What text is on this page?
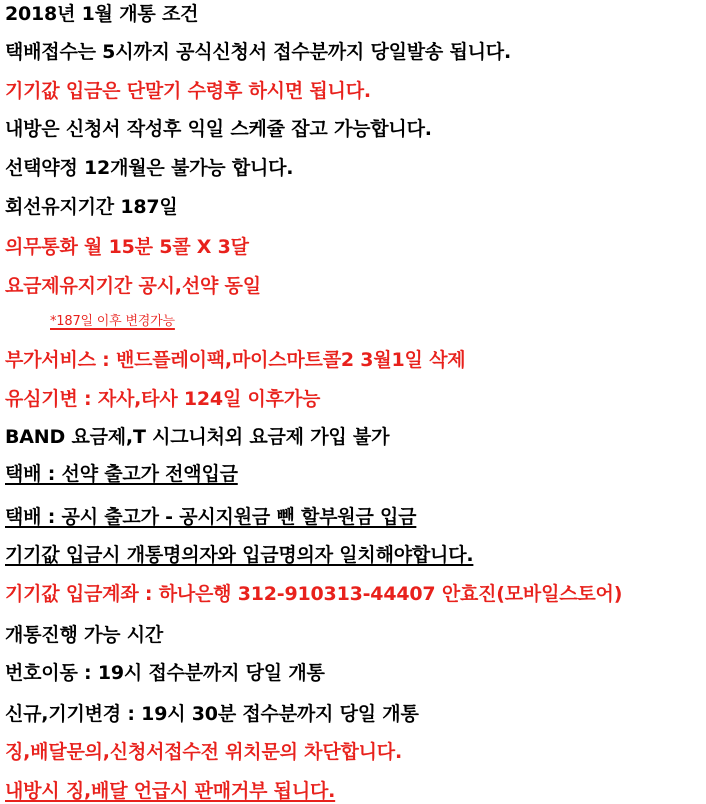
2018년 1월 개통 조건
택배접수는 5시까지 공식신청서 접수분까지 당일발송 됩니다.
기기값 입금은 단말기 수령후 하시면 됩니다.
내방은 신청서 작성후 익일 스케쥴 잡고 가능합니다.
선택약정 12개월은 불가능 합니다.
회선유지기간 187일
의무통화 월 15분 5콜 X 3달
요금제유지기간 공시,선약 동일
*187일 이후 변경가능
부가서비스 : 밴드플레이팩,마이스마트콜2 3월1일 삭제
유심기변 : 자사,타사 124일 이후가능
BAND 요금제,T 시그니처외 요금제 가입 불가
택배 : 선약 출고가 전액입금
택배 : 공시 출고가 - 공시지원금 뺀 할부원금 입금
기기값 입금시 개통명의자와 입금명의자 일치해야합니다.
기기값 입금계좌 : 하나은행 312-910313-44407 안효진(모바일스토어)
개통진행 가능 시간
번호이동 : 19시 접수분까지 당일 개통
신규,기기변경 : 19시 30분 접수분까지 당일 개통
징,배달문의,신청서접수전 위치문의 차단합니다.
내방시 징,배달 언급시 판매거부 됩니다.
